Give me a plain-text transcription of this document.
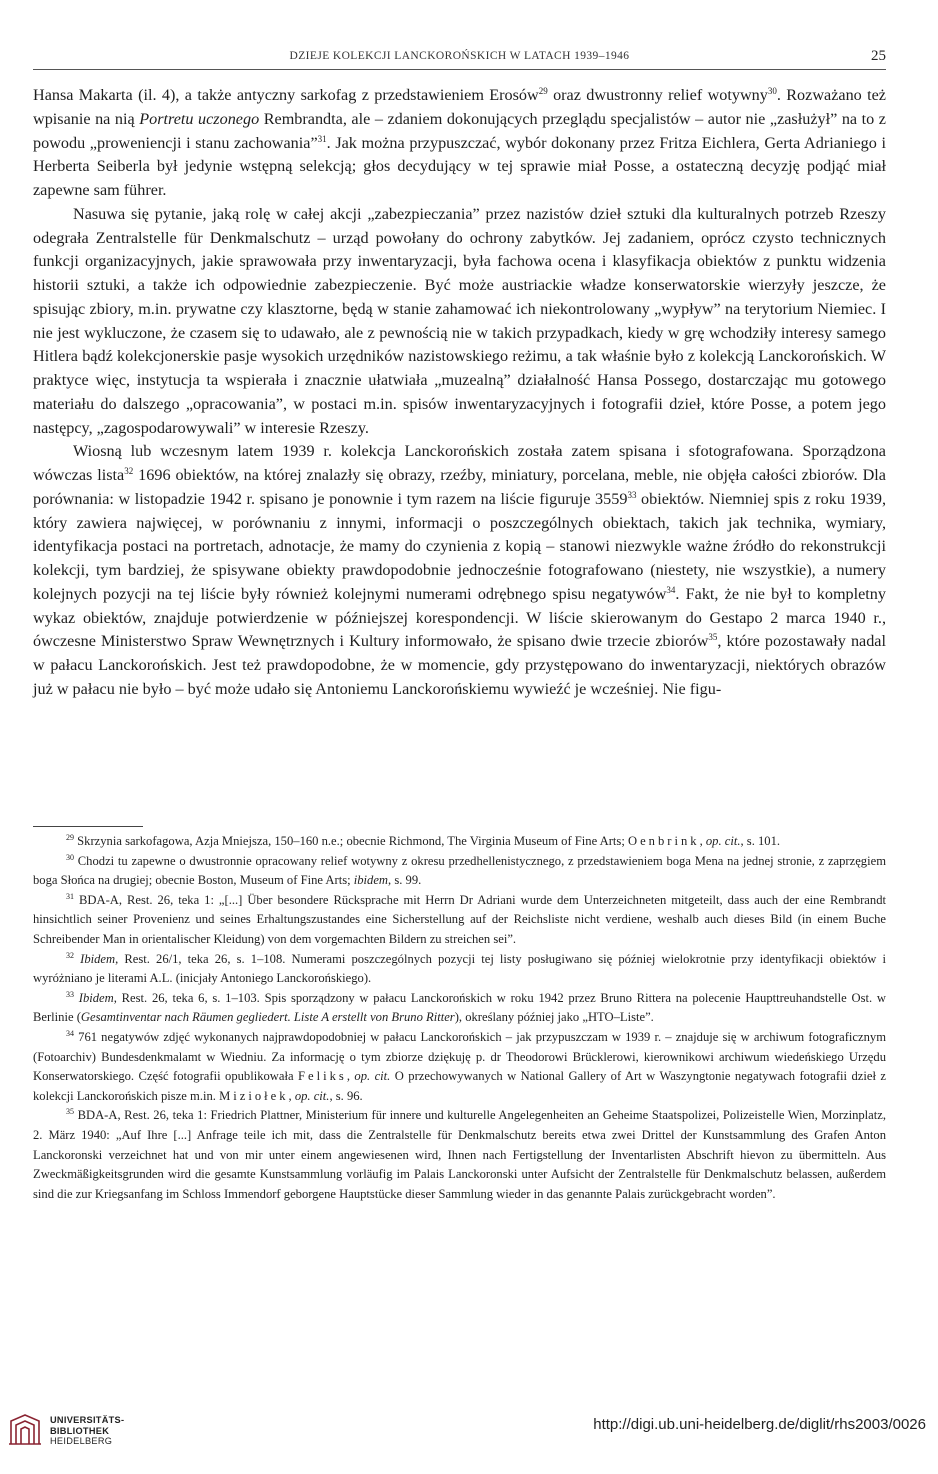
DZIEJE KOLEKCJI LANCKOROŃSKICH W LATACH 1939–1946	25

Hansa Makarta (il. 4), a także antyczny sarkofag z przedstawieniem Erosów$^{29}$ oraz dwustronny relief wotywny$^{30}$. Rozważano też wpisanie na nią Portretu uczonego Rembrandta, ale – zdaniem dokonujących przeglądu specjalistów – autor nie „zasłużył” na to z powodu „proweniencji i stanu zachowania”$^{31}$. Jak można przypuszczać, wybór dokonany przez Fritza Eichlera, Gerta Adrianiego i Herberta Seiberla był jedynie wstępną selekcją; głos decydujący w tej sprawie miał Posse, a ostateczną decyzję podjąć miał zapewne sam führer.

Nasuwa się pytanie, jaką rolę w całej akcji „zabezpieczania” przez nazistów dzieł sztuki dla kulturalnych potrzeb Rzeszy odegrała Zentralstelle für Denkmalschutz – urząd powołany do ochrony zabytków. Jej zadaniem, oprócz czysto technicznych funkcji organizacyjnych, jakie sprawowała przy inwentaryzacji, była fachowa ocena i klasyfikacja obiektów z punktu widzenia historii sztuki, a także ich odpowiednie zabezpieczenie. Być może austriackie władze konserwatorskie wierzyły jeszcze, że spisując zbiory, m.in. prywatne czy klasztorne, będą w stanie zahamować ich niekontrolowany „wypływ” na terytorium Niemiec. I nie jest wykluczone, że czasem się to udawało, ale z pewnością nie w takich przypadkach, kiedy w grę wchodziły interesy samego Hitlera bądź kolekcjonerskie pasje wysokich urzędników nazistowskiego reżimu, a tak właśnie było z kolekcją Lanckorońskich. W praktyce więc, instytucja ta wspierała i znacznie ułatwiała „muzealną” działalność Hansa Possego, dostarczając mu gotowego materiału do dalszego „opracowania”, w postaci m.in. spisów inwentaryzacyjnych i fotografii dzieł, które Posse, a potem jego następcy, „zagospodarowywali” w interesie Rzeszy.

Wiosną lub wczesnym latem 1939 r. kolekcja Lanckorońskich została zatem spisana i sfotografowana. Sporządzona wówczas lista$^{32}$ 1696 obiektów, na której znalazły się obrazy, rzeźby, miniatury, porcelana, meble, nie objęła całości zbiorów. Dla porównania: w listopadzie 1942 r. spisano je ponownie i tym razem na liście figuruje 3559$^{33}$ obiektów. Niemniej spis z roku 1939, który zawiera najwięcej, w porównaniu z innymi, informacji o poszczególnych obiektach, takich jak technika, wymiary, identyfikacja postaci na portretach, adnotacje, że mamy do czynienia z kopią – stanowi niezwykle ważne źródło do rekonstrukcji kolekcji, tym bardziej, że spisywane obiekty prawdopodobnie jednocześnie fotografowano (niestety, nie wszystkie), a numery kolejnych pozycji na tej liście były również kolejnymi numerami odrębnego spisu negatywów$^{34}$. Fakt, że nie był to kompletny wykaz obiektów, znajduje potwierdzenie w późniejszej korespondencji. W liście skierowanym do Gestapo 2 marca 1940 r., ówczesne Ministerstwo Spraw Wewnętrznych i Kultury informowało, że spisano dwie trzecie zbiorów$^{35}$, które pozostawały nadal w pałacu Lanckorońskich. Jest też prawdopodobne, że w momencie, gdy przystępowano do inwentaryzacji, niektórych obrazów już w pałacu nie było – być może udało się Antoniemu Lanckorońskiemu wywieźć je wcześniej. Nie figu-

$^{29}$ Skrzynia sarkofagowa, Azja Mniejsza, 150–160 n.e.; obecnie Richmond, The Virginia Museum of Fine Arts; Oenbrink, op. cit., s. 101.

$^{30}$ Chodzi tu zapewne o dwustronnie opracowany relief wotywny z okresu przedhellenistycznego, z przedstawieniem boga Mena na jednej stronie, z zaprzęgiem boga Słońca na drugiej; obecnie Boston, Museum of Fine Arts; ibidem, s. 99.

$^{31}$ BDA-A, Rest. 26, teka 1: „[...] Über besondere Rücksprache mit Herrn Dr Adriani wurde dem Unterzeichneten mitgeteilt, dass auch der eine Rembrandt hinsichtlich seiner Provenienz und seines Erhaltungszustandes eine Sicherstellung auf der Reichsliste nicht verdiene, weshalb auch dieses Bild (in einem Buche Schreibender Man in orientalischer Kleidung) von dem vorgemachten Bildern zu streichen sei”.

$^{32}$ Ibidem, Rest. 26/1, teka 26, s. 1–108. Numerami poszczególnych pozycji tej listy posługiwano się później wielokrotnie przy identyfikacji obiektów i wyróżniano je literami A.L. (inicjały Antoniego Lanckorońskiego).

$^{33}$ Ibidem, Rest. 26, teka 6, s. 1–103. Spis sporządzony w pałacu Lanckorońskich w roku 1942 przez Bruno Rittera na polecenie Haupttreuhandstelle Ost. w Berlinie (Gesamtinventar nach Räumen gegliedert. Liste A erstellt von Bruno Ritter), określany później jako „HTO–Liste”.

$^{34}$ 761 negatywów zdjęć wykonanych najprawdopodobniej w pałacu Lanckorońskich – jak przypuszczam w 1939 r. – znajduje się w archiwum fotograficznym (Fotoarchiv) Bundesdenkmalamt w Wiedniu. Za informację o tym zbiorze dziękuję p. dr Theodorowi Brücklerowi, kierownikowi archiwum wiedeńskiego Urzędu Konserwatorskiego. Część fotografii opublikowała Feliks, op. cit. O przechowywanych w National Gallery of Art w Waszyngtonie negatywach fotografii dzieł z kolekcji Lanckorońskich pisze m.in. Miziołek, op. cit., s. 96.

$^{35}$ BDA-A, Rest. 26, teka 1: Friedrich Plattner, Ministerium für innere und kulturelle Angelegenheiten an Geheime Staatspolizei, Polizeistelle Wien, Morzinplatz, 2. März 1940: „Auf Ihre [...] Anfrage teile ich mit, dass die Zentralstelle für Denkmalschutz bereits etwa zwei Drittel der Kunstsammlung des Grafen Anton Lanckoronski verzeichnet hat und von mir unter einem angewiesenen wird, Ihnen nach Fertigstellung der Inventarlisten Abschrift hievon zu übermitteln. Aus Zweckmäßigkeitsgrunden wird die gesamte Kunstsammlung vorläufig im Palais Lanckoronski unter Aufsicht der Zentralstelle für Denkmalschutz belassen, außerdem sind die zur Kriegsanfang im Schloss Immendorf geborgene Hauptstücke dieser Sammlung wieder in das genannte Palais zurückgebracht worden”.

UNIVERSITÄTS-
BIBLIOTHEK
HEIDELBERG
http://digi.ub.uni-heidelberg.de/diglit/rhs2003/0026
